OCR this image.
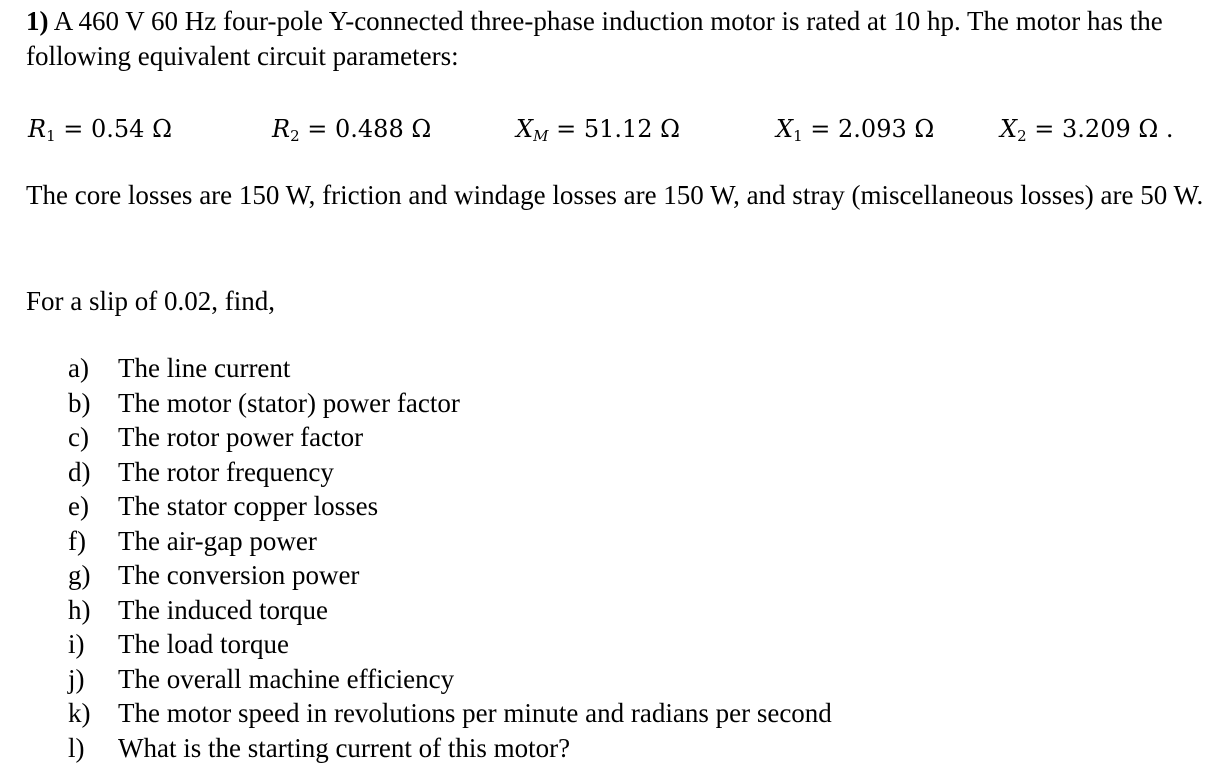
1) A 460 V 60 Hz four-pole Y-connected three-phase induction motor is rated at 10 hp. The motor has the following equivalent circuit parameters:
$R_1 = 0.54$ Ω	$R_2 = 0.488$ Ω	$X_M = 51.12$ Ω	$X_1 = 2.093$ Ω	$X_2 = 3.209$ Ω .
The core losses are 150 W, friction and windage losses are 150 W, and stray (miscellaneous losses) are 50 W.
For a slip of 0.02, find,
a) The line current
b) The motor (stator) power factor
c) The rotor power factor
d) The rotor frequency
e) The stator copper losses
f) The air-gap power
g) The conversion power
h) The induced torque
i) The load torque
j) The overall machine efficiency
k) The motor speed in revolutions per minute and radians per second
l) What is the starting current of this motor?
